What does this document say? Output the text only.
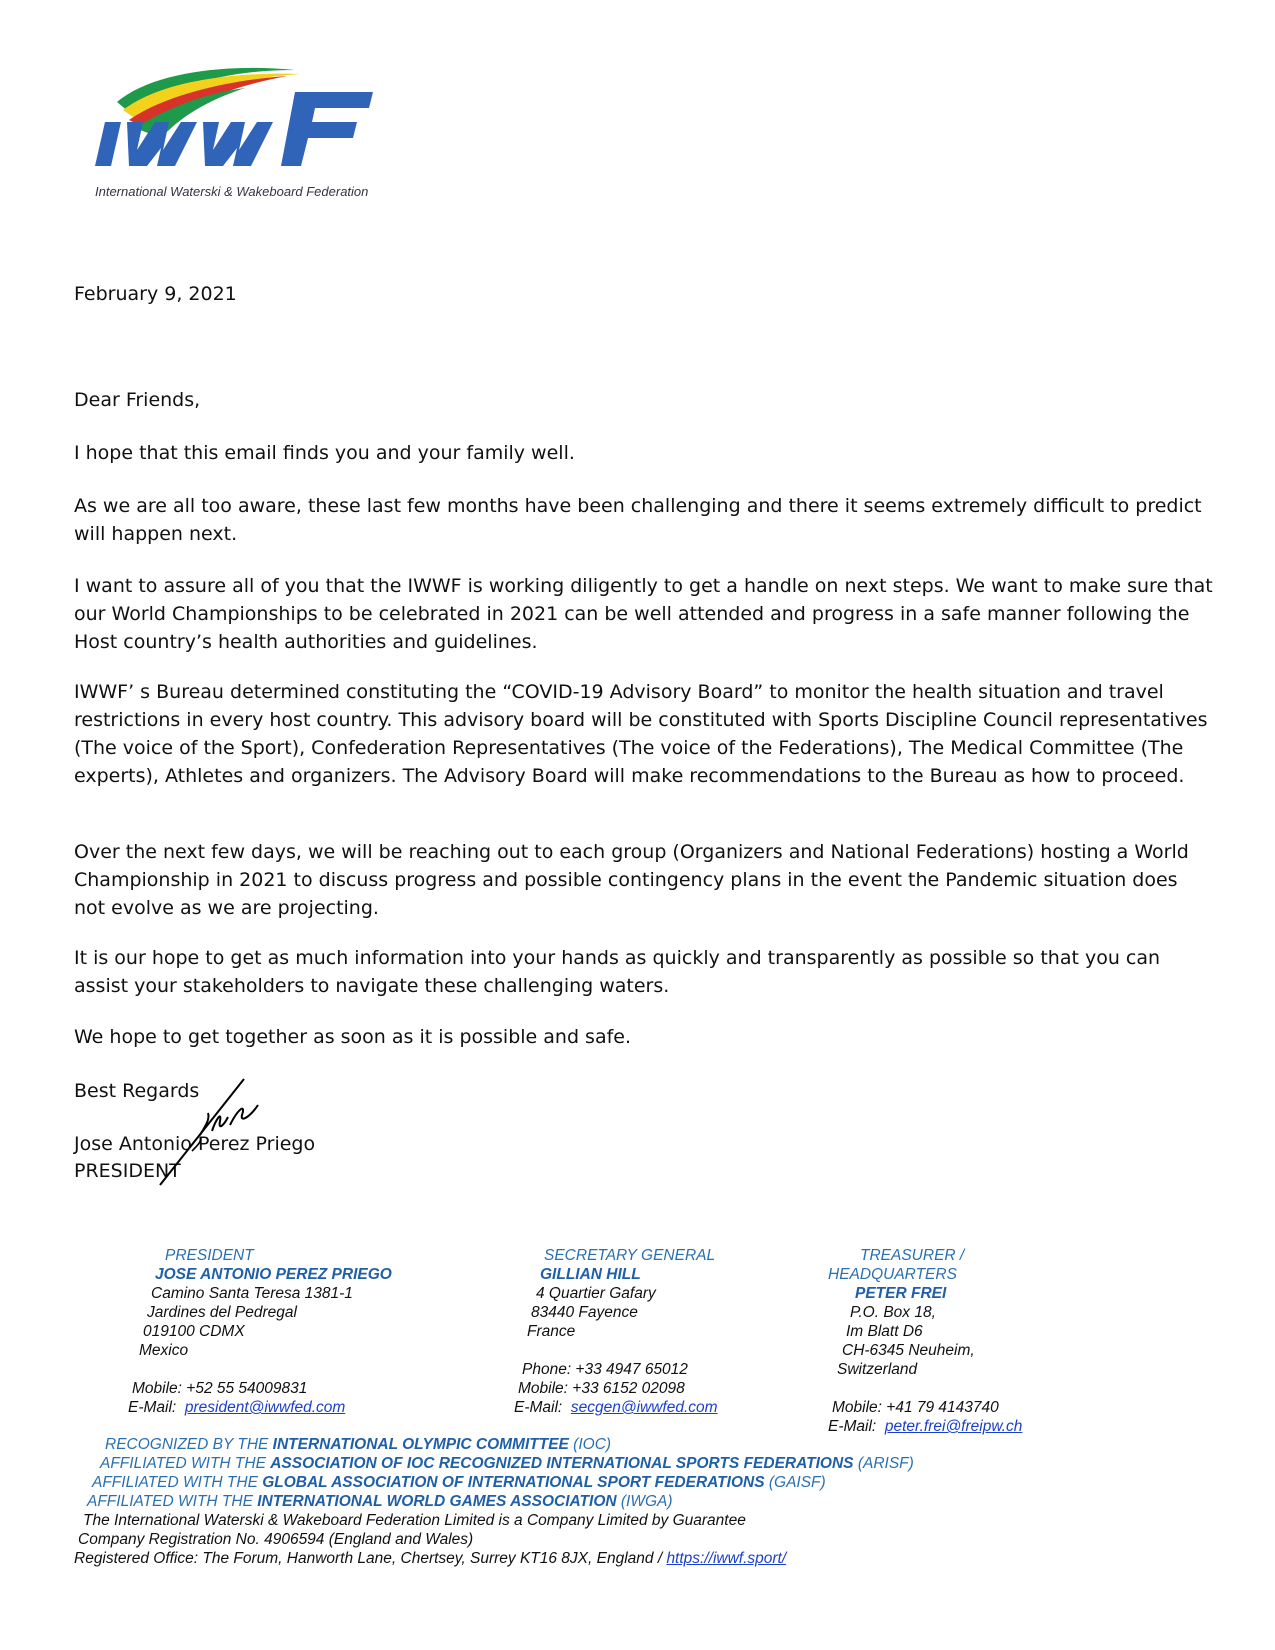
International Waterski & Wakeboard Federation
February 9, 2021
Dear Friends,
I hope that this email finds you and your family well.
As we are all too aware, these last few months have been challenging and there it seems extremely difficult to predict will happen next.
I want to assure all of you that the IWWF is working diligently to get a handle on next steps. We want to make sure that our World Championships to be celebrated in 2021 can be well attended and progress in a safe manner following the Host country’s health authorities and guidelines.
IWWF’ s Bureau determined constituting the “COVID-19 Advisory Board” to monitor the health situation and travel restrictions in every host country. This advisory board will be constituted with Sports Discipline Council representatives (The voice of the Sport), Confederation Representatives (The voice of the Federations), The Medical Committee (The experts), Athletes and organizers. The Advisory Board will make recommendations to the Bureau as how to proceed.
Over the next few days, we will be reaching out to each group (Organizers and National Federations) hosting a World Championship in 2021 to discuss progress and possible contingency plans in the event the Pandemic situation does not evolve as we are projecting.
It is our hope to get as much information into your hands as quickly and transparently as possible so that you can assist your stakeholders to navigate these challenging waters.
We hope to get together as soon as it is possible and safe.
Best Regards
Jose Antonio Perez Priego
PRESIDENT
PRESIDENT
JOSE ANTONIO PEREZ PRIEGO
Camino Santa Teresa 1381-1
Jardines del Pedregal
019100 CDMX
Mexico
Mobile: +52 55 54009831
E-Mail: president@iwwfed.com
SECRETARY GENERAL
GILLIAN HILL
4 Quartier Gafary
83440 Fayence
France
Phone: +33 4947 65012
Mobile: +33 6152 02098
E-Mail: secgen@iwwfed.com
TREASURER /
HEADQUARTERS
PETER FREI
P.O. Box 18,
Im Blatt D6
CH-6345 Neuheim,
Switzerland
Mobile: +41 79 4143740
E-Mail: peter.frei@freipw.ch
RECOGNIZED BY THE INTERNATIONAL OLYMPIC COMMITTEE (IOC)
AFFILIATED WITH THE ASSOCIATION OF IOC RECOGNIZED INTERNATIONAL SPORTS FEDERATIONS (ARISF)
AFFILIATED WITH THE GLOBAL ASSOCIATION OF INTERNATIONAL SPORT FEDERATIONS (GAISF)
AFFILIATED WITH THE INTERNATIONAL WORLD GAMES ASSOCIATION (IWGA)
The International Waterski & Wakeboard Federation Limited is a Company Limited by Guarantee
Company Registration No. 4906594 (England and Wales)
Registered Office: The Forum, Hanworth Lane, Chertsey, Surrey KT16 8JX, England / https://iwwf.sport/
